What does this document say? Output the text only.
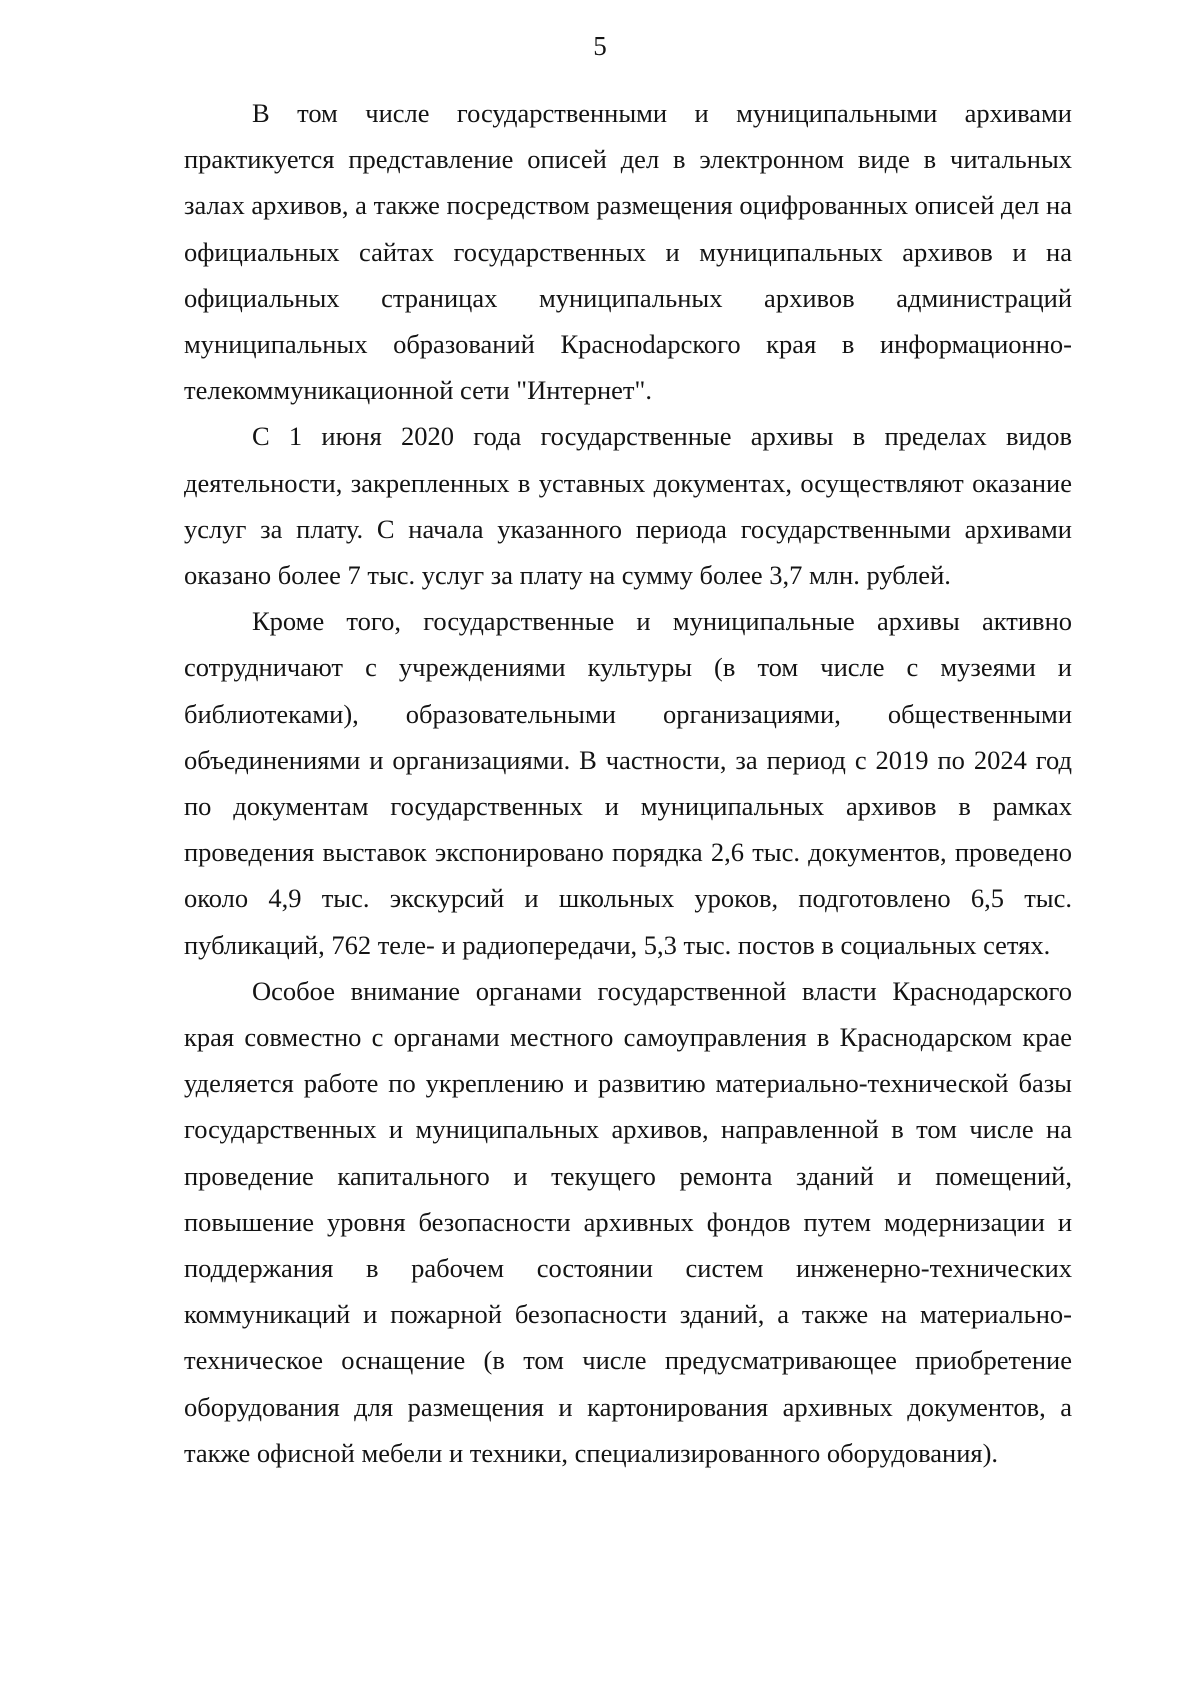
5

В том числе государственными и муниципальными архивами практикуется представление описей дел в электронном виде в читальных залах архивов, а также посредством размещения оцифрованных описей дел на официальных сайтах государственных и муниципальных архивов и на официальных страницах муниципальных архивов администраций муниципальных образований Красноdарского края в информационно-телекоммуникационной сети "Интернет".

С 1 июня 2020 года государственные архивы в пределах видов деятельности, закрепленных в уставных документах, осуществляют оказание услуг за плату. С начала указанного периода государственными архивами оказано более 7 тыс. услуг за плату на сумму более 3,7 млн. рублей.

Кроме того, государственные и муниципальные архивы активно сотрудничают с учреждениями культуры (в том числе с музеями и библиотеками), образовательными организациями, общественными объединениями и организациями. В частности, за период с 2019 по 2024 год по документам государственных и муниципальных архивов в рамках проведения выставок экспонировано порядка 2,6 тыс. документов, проведено около 4,9 тыс. экскурсий и школьных уроков, подготовлено 6,5 тыс. публикаций, 762 теле- и радиопередачи, 5,3 тыс. постов в социальных сетях.

Особое внимание органами государственной власти Краснодарского края совместно с органами местного самоуправления в Краснодарском крае уделяется работе по укреплению и развитию материально-технической базы государственных и муниципальных архивов, направленной в том числе на проведение капитального и текущего ремонта зданий и помещений, повышение уровня безопасности архивных фондов путем модернизации и поддержания в рабочем состоянии систем инженерно-технических коммуникаций и пожарной безопасности зданий, а также на материально-техническое оснащение (в том числе предусматривающее приобретение оборудования для размещения и картонирования архивных документов, а также офисной мебели и техники, специализированного оборудования).
